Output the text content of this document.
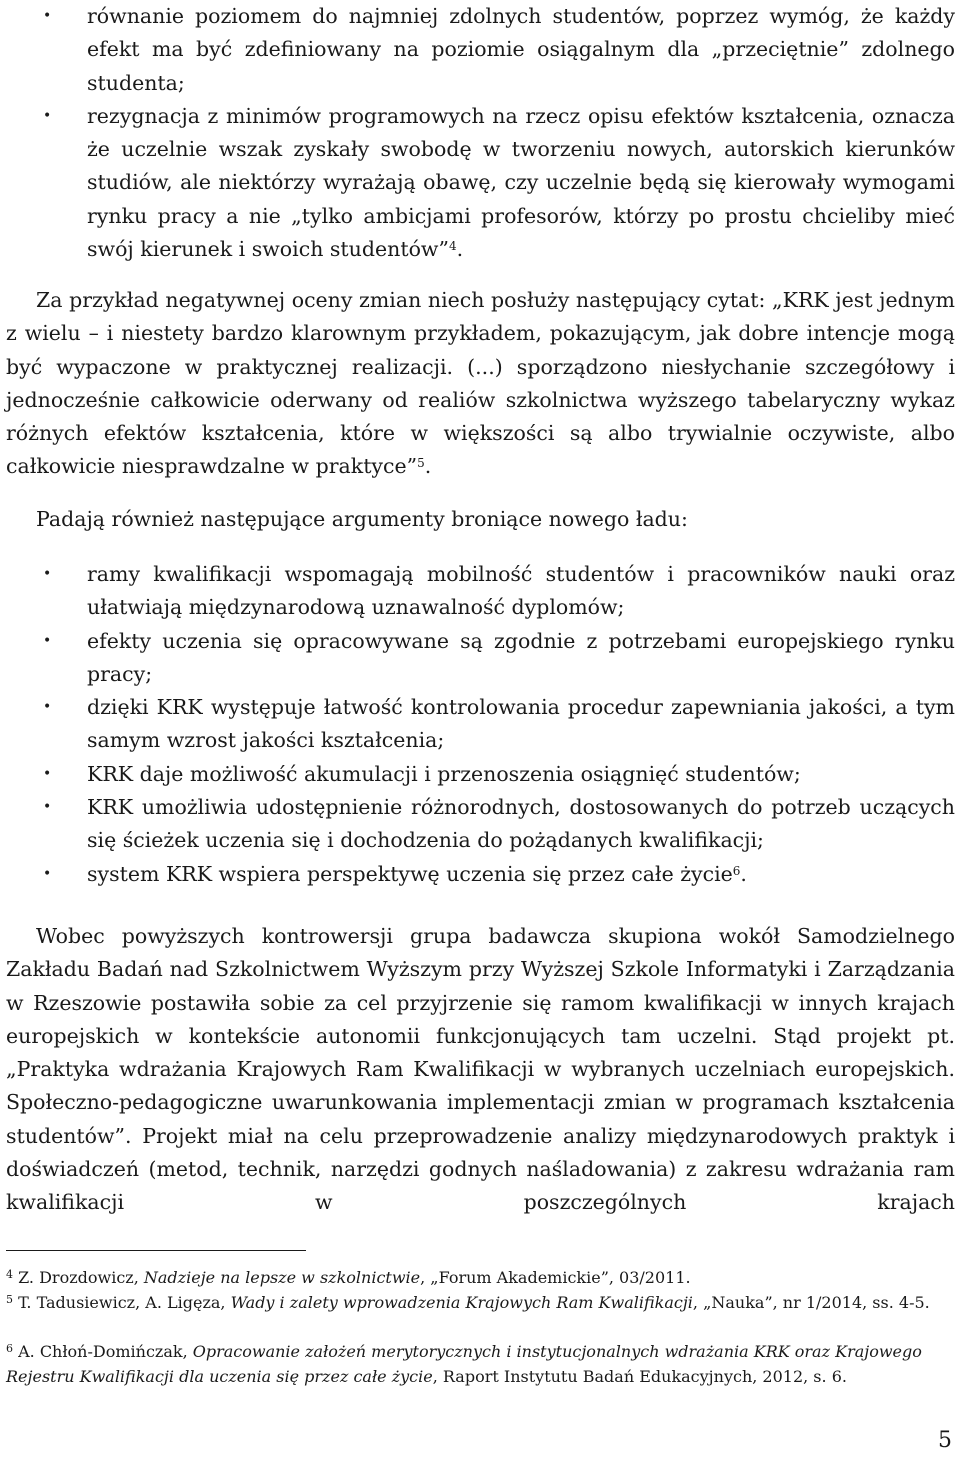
• równanie poziomem do najmniej zdolnych studentów, poprzez wymóg, że każdy efekt ma być zdefiniowany na poziomie osiągalnym dla „przeciętnie” zdolnego studenta;
• rezygnacja z minimów programowych na rzecz opisu efektów kształcenia, oznacza że uczelnie wszak zyskały swobodę w tworzeniu nowych, autorskich kierunków studiów, ale niektórzy wyrażają obawę, czy uczelnie będą się kierowały wymogami rynku pracy a nie „tylko ambicjami profesorów, którzy po prostu chcieliby mieć swój kierunek i swoich studentów”$^4$.
Za przykład negatywnej oceny zmian niech posłuży następujący cytat: „KRK jest jednym z wielu – i niestety bardzo klarownym przykładem, pokazującym, jak dobre intencje mogą być wypaczone w praktycznej realizacji. (...) sporządzono niesłychanie szczegółowy i jednocześnie całkowicie oderwany od realiów szkolnictwa wyższego tabelaryczny wykaz różnych efektów kształcenia, które w większości są albo trywialnie oczywiste, albo całkowicie niesprawdzalne w praktyce”$^5$.
Padają również następujące argumenty broniące nowego ładu:
• ramy kwalifikacji wspomagają mobilność studentów i pracowników nauki oraz ułatwiają międzynarodową uznawalność dyplomów;
• efekty uczenia się opracowywane są zgodnie z potrzebami europejskiego rynku pracy;
• dzięki KRK występuje łatwość kontrolowania procedur zapewniania jakości, a tym samym wzrost jakości kształcenia;
• KRK daje możliwość akumulacji i przenoszenia osiągnięć studentów;
• KRK umożliwia udostępnienie różnorodnych, dostosowanych do potrzeb uczących się ścieżek uczenia się i dochodzenia do pożądanych kwalifikacji;
• system KRK wspiera perspektywę uczenia się przez całe życie$^6$.
Wobec powyższych kontrowersji grupa badawcza skupiona wokół Samodzielnego Zakładu Badań nad Szkolnictwem Wyższym przy Wyższej Szkole Informatyki i Zarządzania w Rzeszowie postawiła sobie za cel przyjrzenie się ramom kwalifikacji w innych krajach europejskich w kontekście autonomii funkcjonujących tam uczelni. Stąd projekt pt. „Praktyka wdrażania Krajowych Ram Kwalifikacji w wybranych uczelniach europejskich. Społeczno-pedagogiczne uwarunkowania implementacji zmian w programach kształcenia studentów”. Projekt miał na celu przeprowadzenie analizy międzynarodowych praktyk i doświadczeń (metod, technik, narzędzi godnych naśladowania) z zakresu wdrażania ram kwalifikacji w poszczególnych krajach
$^4$ Z. Drozdowicz, Nadzieje na lepsze w szkolnictwie, „Forum Akademickie”, 03/2011.
$^5$ T. Tadusiewicz, A. Ligęza, Wady i zalety wprowadzenia Krajowych Ram Kwalifikacji, „Nauka”, nr 1/2014, ss. 4-5.
$^6$ A. Chłoń-Domińczak, Opracowanie założeń merytorycznych i instytucjonalnych wdrażania KRK oraz Krajowego Rejestru Kwalifikacji dla uczenia się przez całe życie, Raport Instytutu Badań Edukacyjnych, 2012, s. 6.
5
